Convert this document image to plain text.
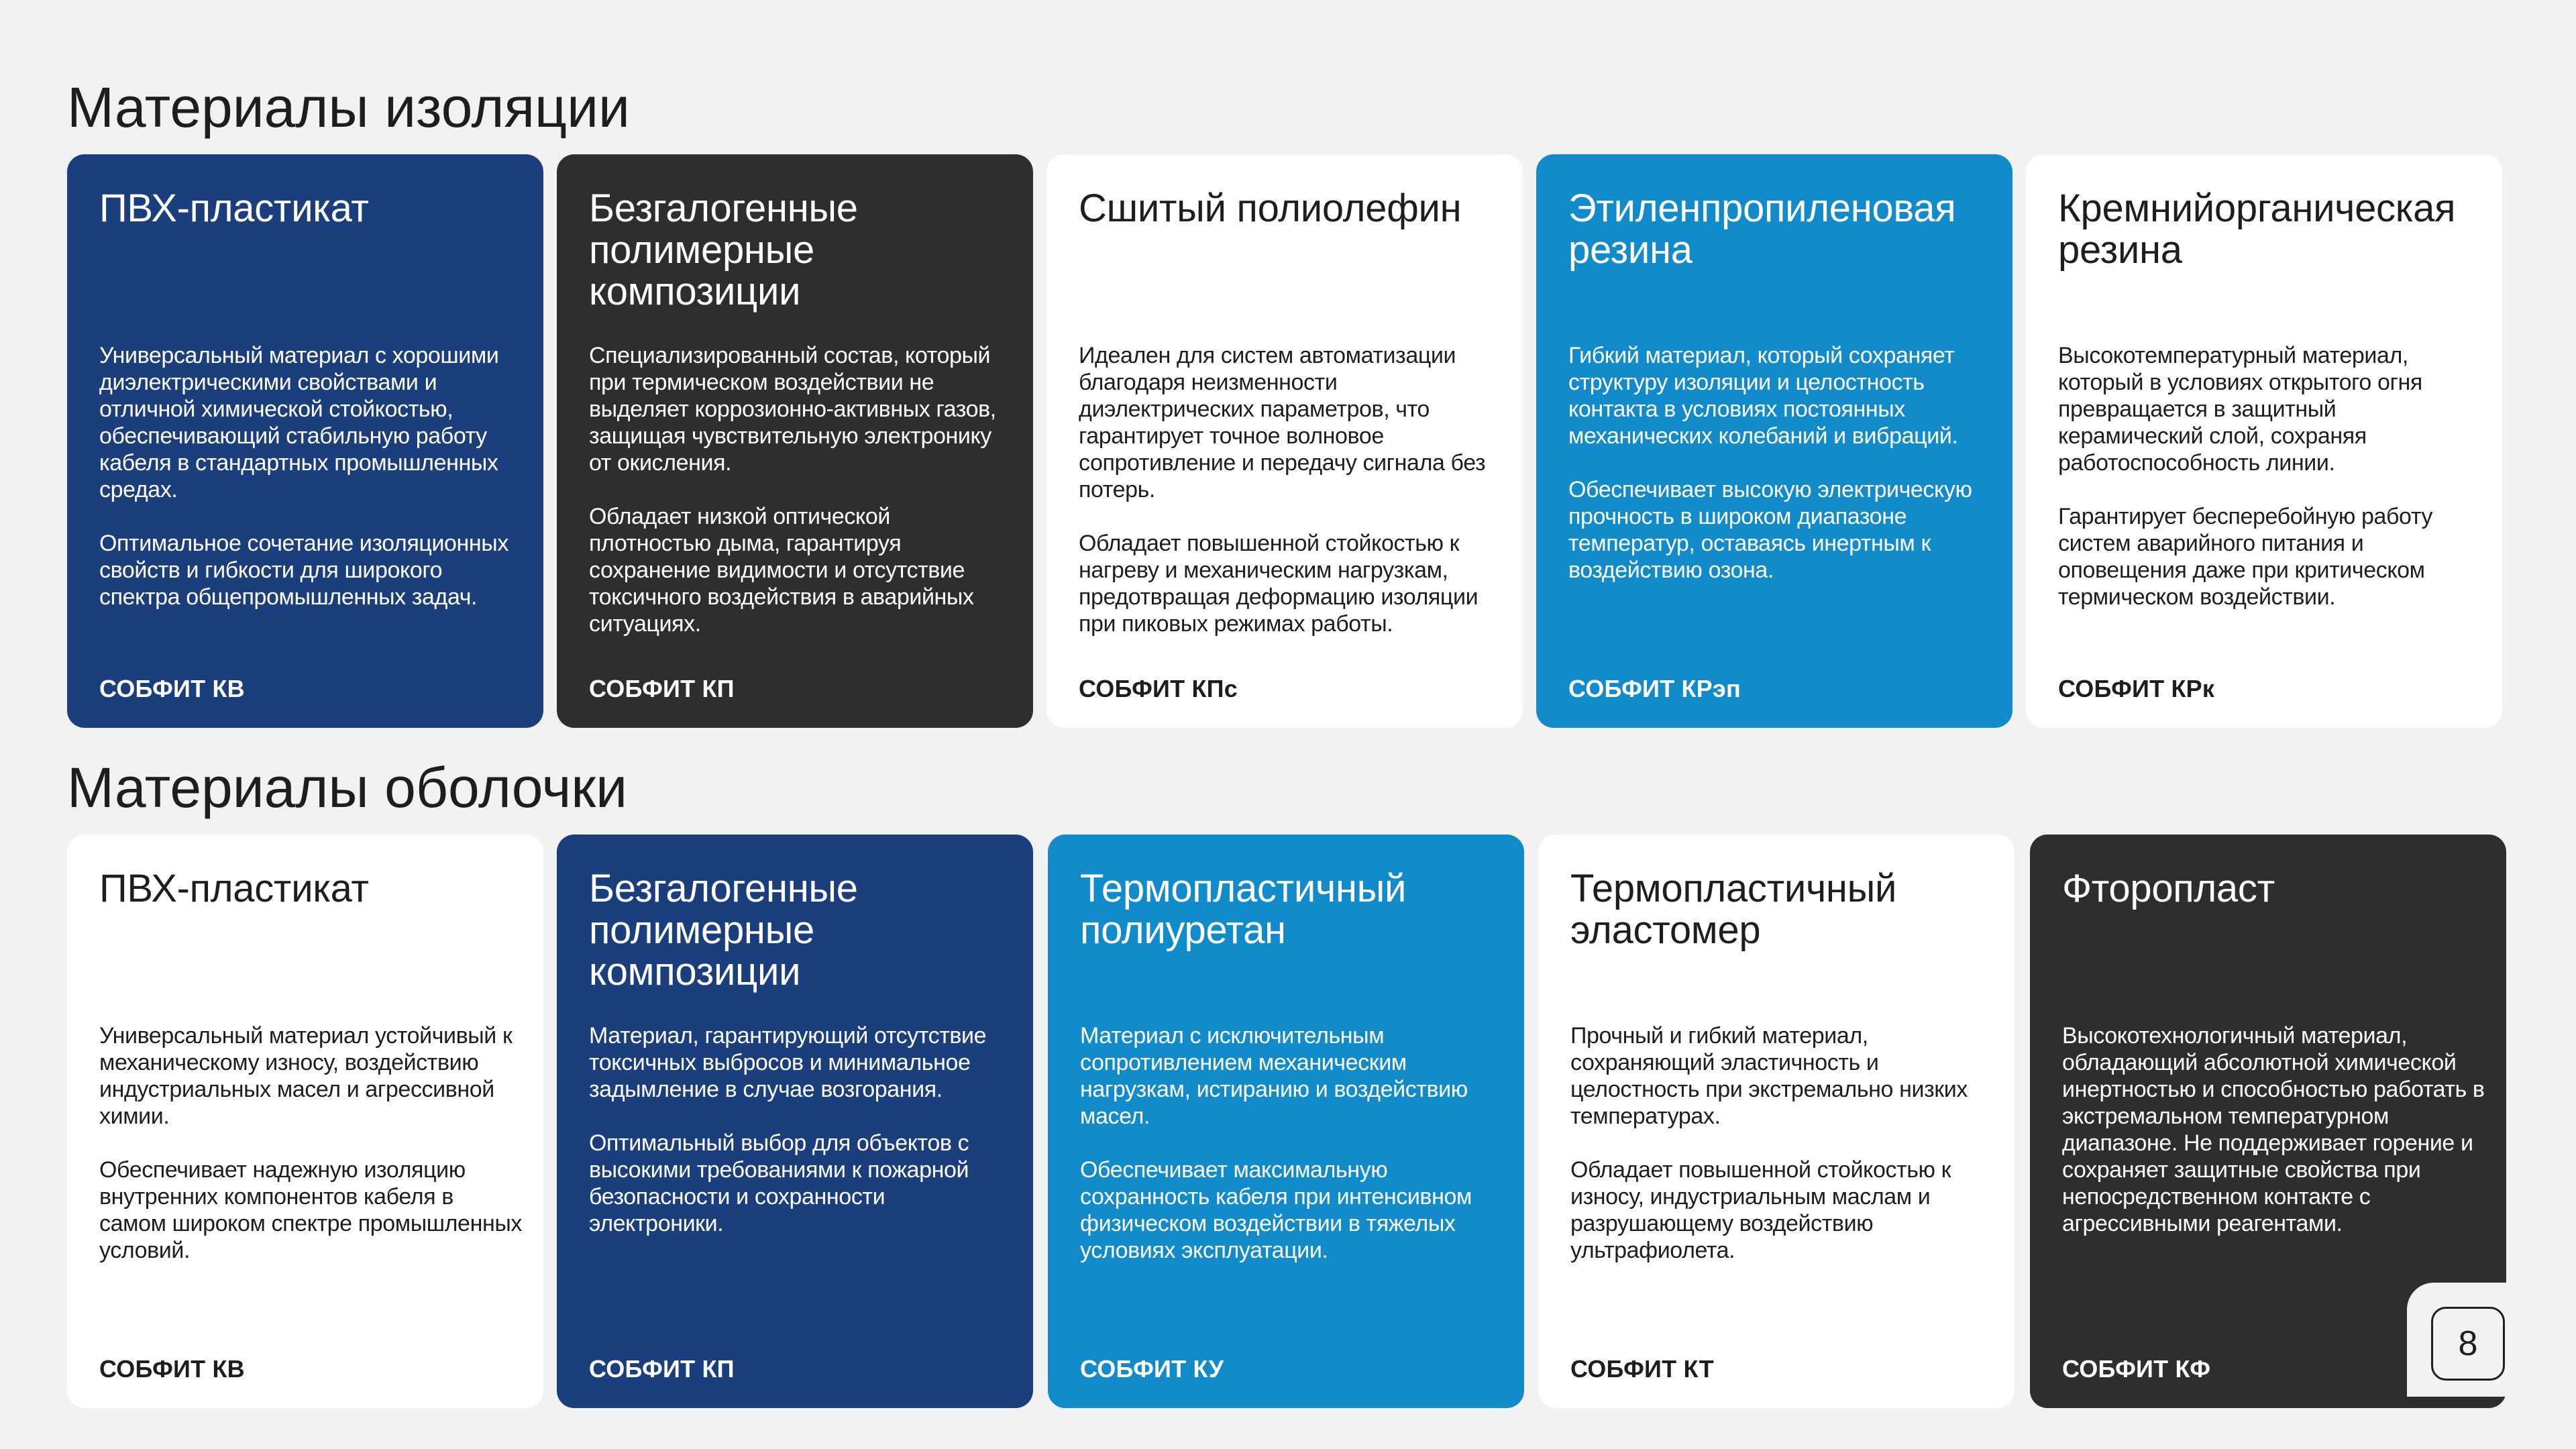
Материалы изоляции
ПВХ-пластикат

Универсальный материал с хорошими диэлектрическими свойствами и отличной химической стойкостью, обеспечивающий стабильную работу кабеля в стандартных промышленных средах.

Оптимальное сочетание изоляционных свойств и гибкости для широкого спектра общепромышленных задач.

СОБФИТ КВ
Безгалогенные полимерные композиции

Специализированный состав, который при термическом воздействии не выделяет коррозионно-активных газов, защищая чувствительную электронику от окисления.

Обладает низкой оптической плотностью дыма, гарантируя сохранение видимости и отсутствие токсичного воздействия в аварийных ситуациях.

СОБФИТ КП
Сшитый полиолефин

Идеален для систем автоматизации благодаря неизменности диэлектрических параметров, что гарантирует точное волновое сопротивление и передачу сигнала без потерь.

Обладает повышенной стойкостью к нагреву и механическим нагрузкам, предотвращая деформацию изоляции при пиковых режимах работы.

СОБФИТ КПс
Этиленпропиленовая резина

Гибкий материал, который сохраняет структуру изоляции и целостность контакта в условиях постоянных механических колебаний и вибраций.

Обеспечивает высокую электрическую прочность в широком диапазоне температур, оставаясь инертным к воздействию озона.

СОБФИТ КРэп
Кремнийорганическая резина

Высокотемпературный материал, который в условиях открытого огня превращается в защитный керамический слой, сохраняя работоспособность линии.

Гарантирует бесперебойную работу систем аварийного питания и оповещения даже при критическом термическом воздействии.

СОБФИТ КРк
Материалы оболочки
ПВХ-пластикат

Универсальный материал устойчивый к механическому износу, воздействию индустриальных масел и агрессивной химии.

Обеспечивает надежную изоляцию внутренних компонентов кабеля в самом широком спектре промышленных условий.

СОБФИТ КВ
Безгалогенные полимерные композиции

Материал, гарантирующий отсутствие токсичных выбросов и минимальное задымление в случае возгорания.

Оптимальный выбор для объектов с высокими требованиями к пожарной безопасности и сохранности электроники.

СОБФИТ КП
Термопластичный полиуретан

Материал с исключительным сопротивлением механическим нагрузкам, истиранию и воздействию масел.

Обеспечивает максимальную сохранность кабеля при интенсивном физическом воздействии в тяжелых условиях эксплуатации.

СОБФИТ КУ
Термопластичный эластомер

Прочный и гибкий материал, сохраняющий эластичность и целостность при экстремально низких температурах.

Обладает повышенной стойкостью к износу, индустриальным маслам и разрушающему воздействию ультрафиолета.

СОБФИТ КТ
Фторопласт

Высокотехнологичный материал, обладающий абсолютной химической инертностью и способностью работать в экстремальном температурном диапазоне. Не поддерживает горение и сохраняет защитные свойства при непосредственном контакте с агрессивными реагентами.

СОБФИТ КФ
8
